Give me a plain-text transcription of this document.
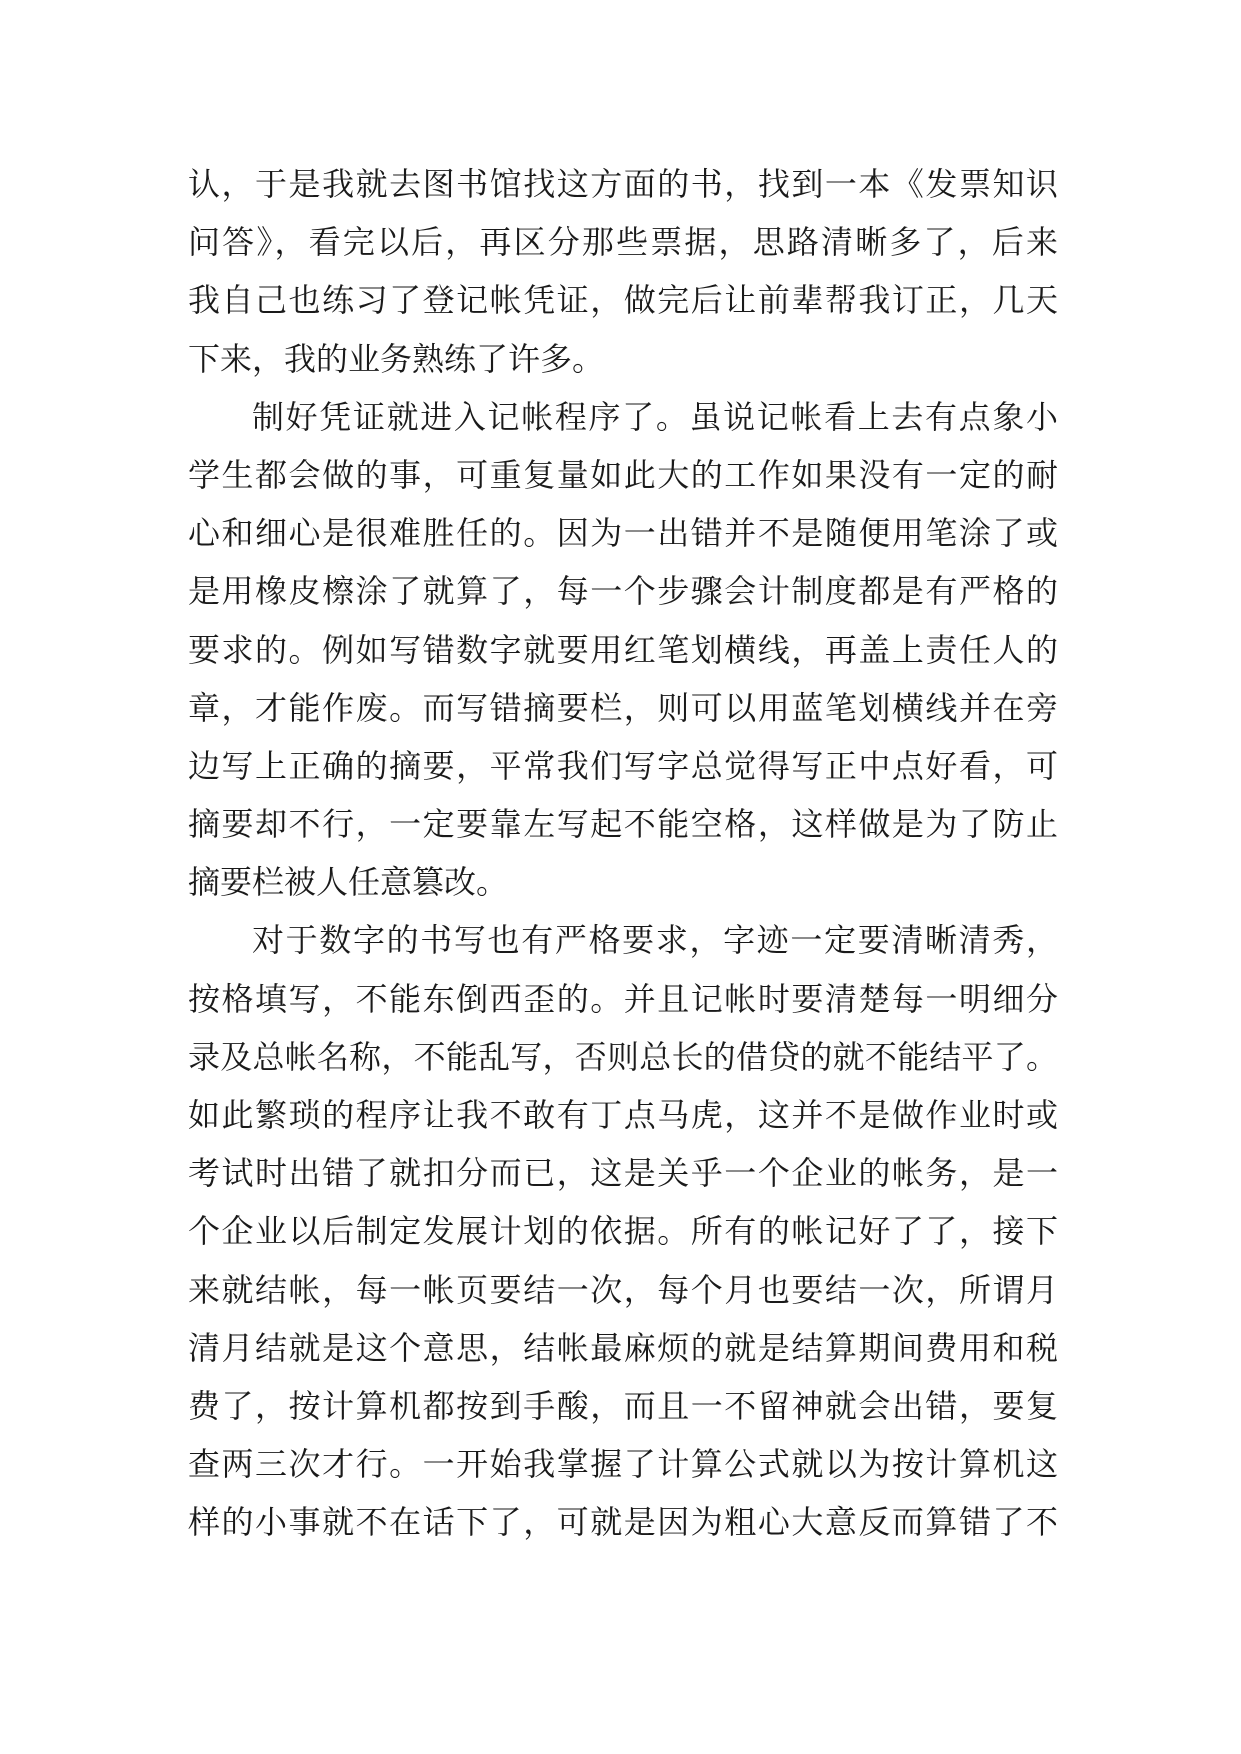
认，于是我就去图书馆找这方面的书，找到一本《发票知识
问答》，看完以后，再区分那些票据，思路清晰多了，后来
我自己也练习了登记帐凭证，做完后让前辈帮我订正，几天
下来，我的业务熟练了许多。
制好凭证就进入记帐程序了。虽说记帐看上去有点象小
学生都会做的事，可重复量如此大的工作如果没有一定的耐
心和细心是很难胜任的。因为一出错并不是随便用笔涂了或
是用橡皮檫涂了就算了，每一个步骤会计制度都是有严格的
要求的。例如写错数字就要用红笔划横线，再盖上责任人的
章，才能作废。而写错摘要栏，则可以用蓝笔划横线并在旁
边写上正确的摘要，平常我们写字总觉得写正中点好看，可
摘要却不行，一定要靠左写起不能空格，这样做是为了防止
摘要栏被人任意篡改。
对于数字的书写也有严格要求，字迹一定要清晰清秀，
按格填写，不能东倒西歪的。并且记帐时要清楚每一明细分
录及总帐名称，不能乱写，否则总长的借贷的就不能结平了。
如此繁琐的程序让我不敢有丁点马虎，这并不是做作业时或
考试时出错了就扣分而已，这是关乎一个企业的帐务，是一
个企业以后制定发展计划的依据。所有的帐记好了了，接下
来就结帐，每一帐页要结一次，每个月也要结一次，所谓月
清月结就是这个意思，结帐最麻烦的就是结算期间费用和税
费了，按计算机都按到手酸，而且一不留神就会出错，要复
查两三次才行。一开始我掌握了计算公式就以为按计算机这
样的小事就不在话下了，可就是因为粗心大意反而算错了不
